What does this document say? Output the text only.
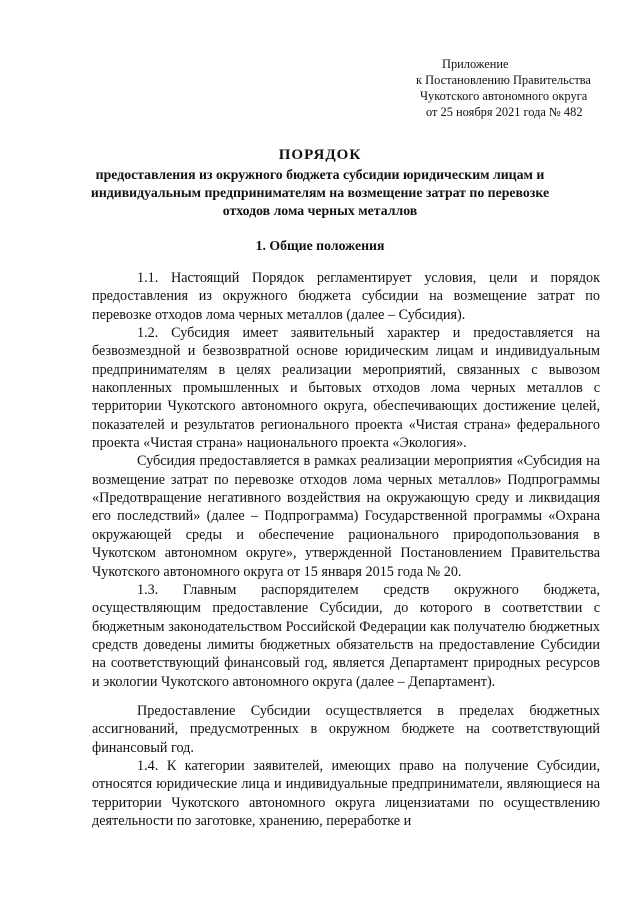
Приложение
к Постановлению Правительства
Чукотского автономного округа
от 25 ноября 2021 года № 482
ПОРЯДОК
предоставления из окружного бюджета субсидии юридическим лицам и индивидуальным предпринимателям на возмещение затрат по перевозке отходов лома черных металлов
1. Общие положения

1.1. Настоящий Порядок регламентирует условия, цели и порядок предоставления из окружного бюджета субсидии на возмещение затрат по перевозке отходов лома черных металлов (далее – Субсидия).

1.2. Субсидия имеет заявительный характер и предоставляется на безвозмездной и безвозвратной основе юридическим лицам и индивидуальным предпринимателям в целях реализации мероприятий, связанных с вывозом накопленных промышленных и бытовых отходов лома черных металлов с территории Чукотского автономного округа, обеспечивающих достижение целей, показателей и результатов регионального проекта «Чистая страна» федерального проекта «Чистая страна» национального проекта «Экология».

Субсидия предоставляется в рамках реализации мероприятия «Субсидия на возмещение затрат по перевозке отходов лома черных металлов» Подпрограммы «Предотвращение негативного воздействия на окружающую среду и ликвидация его последствий» (далее – Подпрограмма) Государственной программы «Охрана окружающей среды и обеспечение рационального природопользования в Чукотском автономном округе», утвержденной Постановлением Правительства Чукотского автономного округа от 15 января 2015 года № 20.

1.3. Главным распорядителем средств окружного бюджета, осуществляющим предоставление Субсидии, до которого в соответствии с бюджетным законодательством Российской Федерации как получателю бюджетных средств доведены лимиты бюджетных обязательств на предоставление Субсидии на соответствующий финансовый год, является Департамент природных ресурсов и экологии Чукотского автономного округа (далее – Департамент).

Предоставление Субсидии осуществляется в пределах бюджетных ассигнований, предусмотренных в окружном бюджете на соответствующий финансовый год.

1.4. К категории заявителей, имеющих право на получение Субсидии, относятся юридические лица и индивидуальные предприниматели, являющиеся на территории Чукотского автономного округа лицензиатами по осуществлению деятельности по заготовке, хранению, переработке и
